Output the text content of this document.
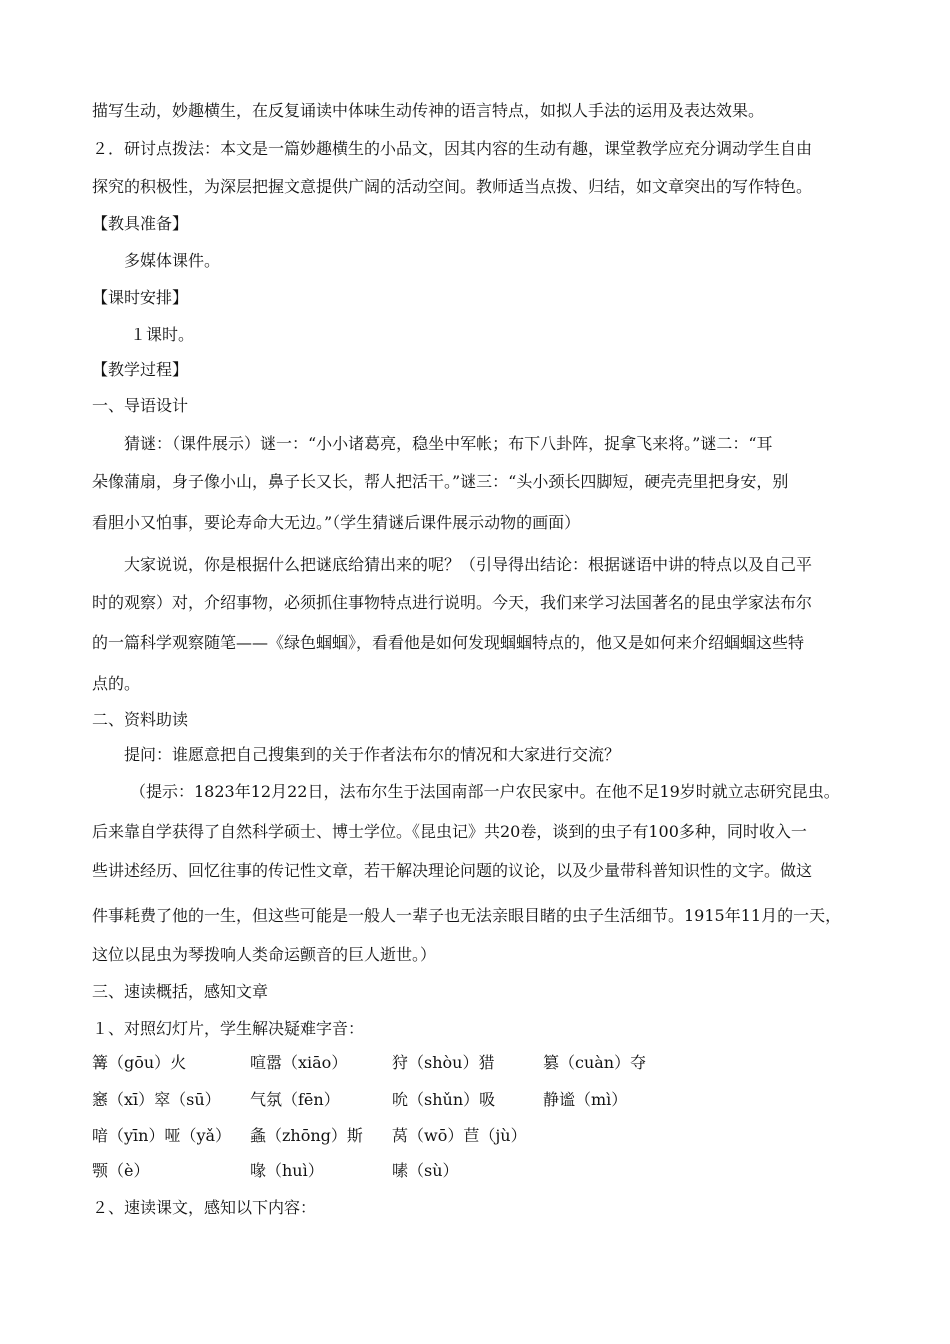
描写生动，妙趣横生，在反复诵读中体味生动传神的语言特点，如拟人手法的运用及表达效果。
２．研讨点拨法：本文是一篇妙趣横生的小品文，因其内容的生动有趣，课堂教学应充分调动学生自由
探究的积极性，为深层把握文意提供广阔的活动空间。教师适当点拨、归结，如文章突出的写作特色。
【教具准备】
多媒体课件。
【课时安排】
１课时。
【教学过程】
一、导语设计
猜谜：（课件展示）谜一：“小小诸葛亮，稳坐中军帐；布下八卦阵，捉拿飞来将。”谜二：“耳
朵像蒲扇，身子像小山，鼻子长又长，帮人把活干。”谜三：“头小颈长四脚短，硬壳壳里把身安，别
看胆小又怕事，要论寿命大无边。”（学生猜谜后课件展示动物的画面）
大家说说，你是根据什么把谜底给猜出来的呢？（引导得出结论：根据谜语中讲的特点以及自己平
时的观察）对，介绍事物，必须抓住事物特点进行说明。今天，我们来学习法国著名的昆虫学家法布尔
的一篇科学观察随笔——《绿色蝈蝈》，看看他是如何发现蝈蝈特点的，他又是如何来介绍蝈蝈这些特
点的。
二、资料助读
提问：谁愿意把自己搜集到的关于作者法布尔的情况和大家进行交流？
（提示：1823年12月22日，法布尔生于法国南部一户农民家中。在他不足19岁时就立志研究昆虫。
后来靠自学获得了自然科学硕士、博士学位。《昆虫记》共20卷，谈到的虫子有100多种，同时收入一
些讲述经历、回忆往事的传记性文章，若干解决理论问题的议论，以及少量带科普知识性的文字。做这
件事耗费了他的一生，但这些可能是一般人一辈子也无法亲眼目睹的虫子生活细节。1915年11月的一天，
这位以昆虫为琴拨响人类命运颤音的巨人逝世。）
三、速读概括，感知文章
１、对照幻灯片，学生解决疑难字音：
篝（gōu）火	喧嚣（xiāo）	狩（shòu）猎	篡（cuàn）夺
窸（xī）窣（sū） 气氛（fēn）	吮（shǔn）吸	静谧（mì）
喑（yīn）哑（yǎ） 螽（zhōng）斯 莴（wō）苣（jù）
颚（è）	喙（huì）	嗉（sù）
２、速读课文，感知以下内容：
